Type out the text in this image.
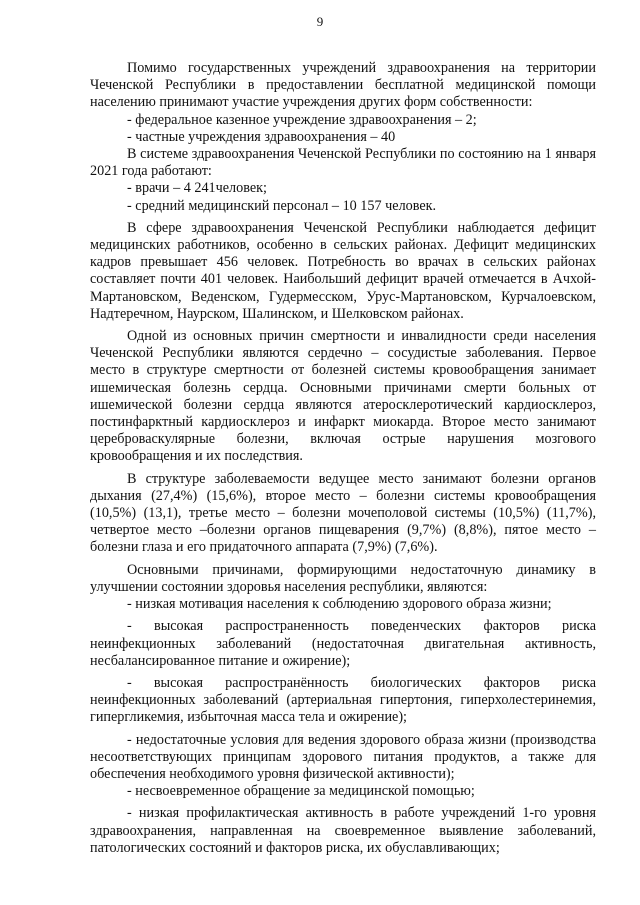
9

Помимо государственных учреждений здравоохранения на территории Чеченской Республики в предоставлении бесплатной медицинской помощи населению принимают участие учреждения других форм собственности:

- федеральное казенное учреждение здравоохранения – 2;

- частные учреждения здравоохранения – 40

В системе здравоохранения Чеченской Республики по состоянию на 1 января 2021 года работают:

- врачи – 4 241человек;

- средний медицинский персонал – 10 157 человек.

В сфере здравоохранения Чеченской Республики наблюдается дефицит медицинских работников, особенно в сельских районах. Дефицит медицинских кадров превышает 456 человек. Потребность во врачах в сельских районах составляет почти 401 человек. Наибольший дефицит врачей отмечается в Ачхой-Мартановском, Веденском, Гудермесском, Урус-Мартановском, Курчалоевском, Надтеречном, Наурском, Шалинском, и Шелковском районах.

Одной из основных причин смертности и инвалидности среди населения Чеченской Республики являются сердечно – сосудистые заболевания. Первое место в структуре смертности от болезней системы кровообращения занимает ишемическая болезнь сердца. Основными причинами смерти больных от ишемической болезни сердца являются атеросклеротический кардиосклероз, постинфарктный кардиосклероз и инфаркт миокарда. Второе место занимают цереброваскулярные болезни, включая острые нарушения мозгового кровообращения и их последствия.

В структуре заболеваемости ведущее место занимают болезни органов дыхания (27,4%) (15,6%), второе место – болезни системы кровообращения (10,5%) (13,1), третье место – болезни мочеполовой системы (10,5%) (11,7%), четвертое место –болезни органов пищеварения (9,7%) (8,8%), пятое место – болезни глаза и его придаточного аппарата (7,9%) (7,6%).

Основными причинами, формирующими недостаточную динамику в улучшении состоянии здоровья населения республики, являются:

- низкая мотивация населения к соблюдению здорового образа жизни;

- высокая распространенность поведенческих факторов риска неинфекционных заболеваний (недостаточная двигательная активность, несбалансированное питание и ожирение);

- высокая распространённость биологических факторов риска неинфекционных заболеваний (артериальная гипертония, гиперхолестеринемия, гипергликемия, избыточная масса тела и ожирение);

- недостаточные условия для ведения здорового образа жизни (производства несоответствующих принципам здорового питания продуктов, а также для обеспечения необходимого уровня физической активности);

- несвоевременное обращение за медицинской помощью;

- низкая профилактическая активность в работе учреждений 1-го уровня здравоохранения, направленная на своевременное выявление заболеваний, патологических состояний и факторов риска, их обуславливающих;
